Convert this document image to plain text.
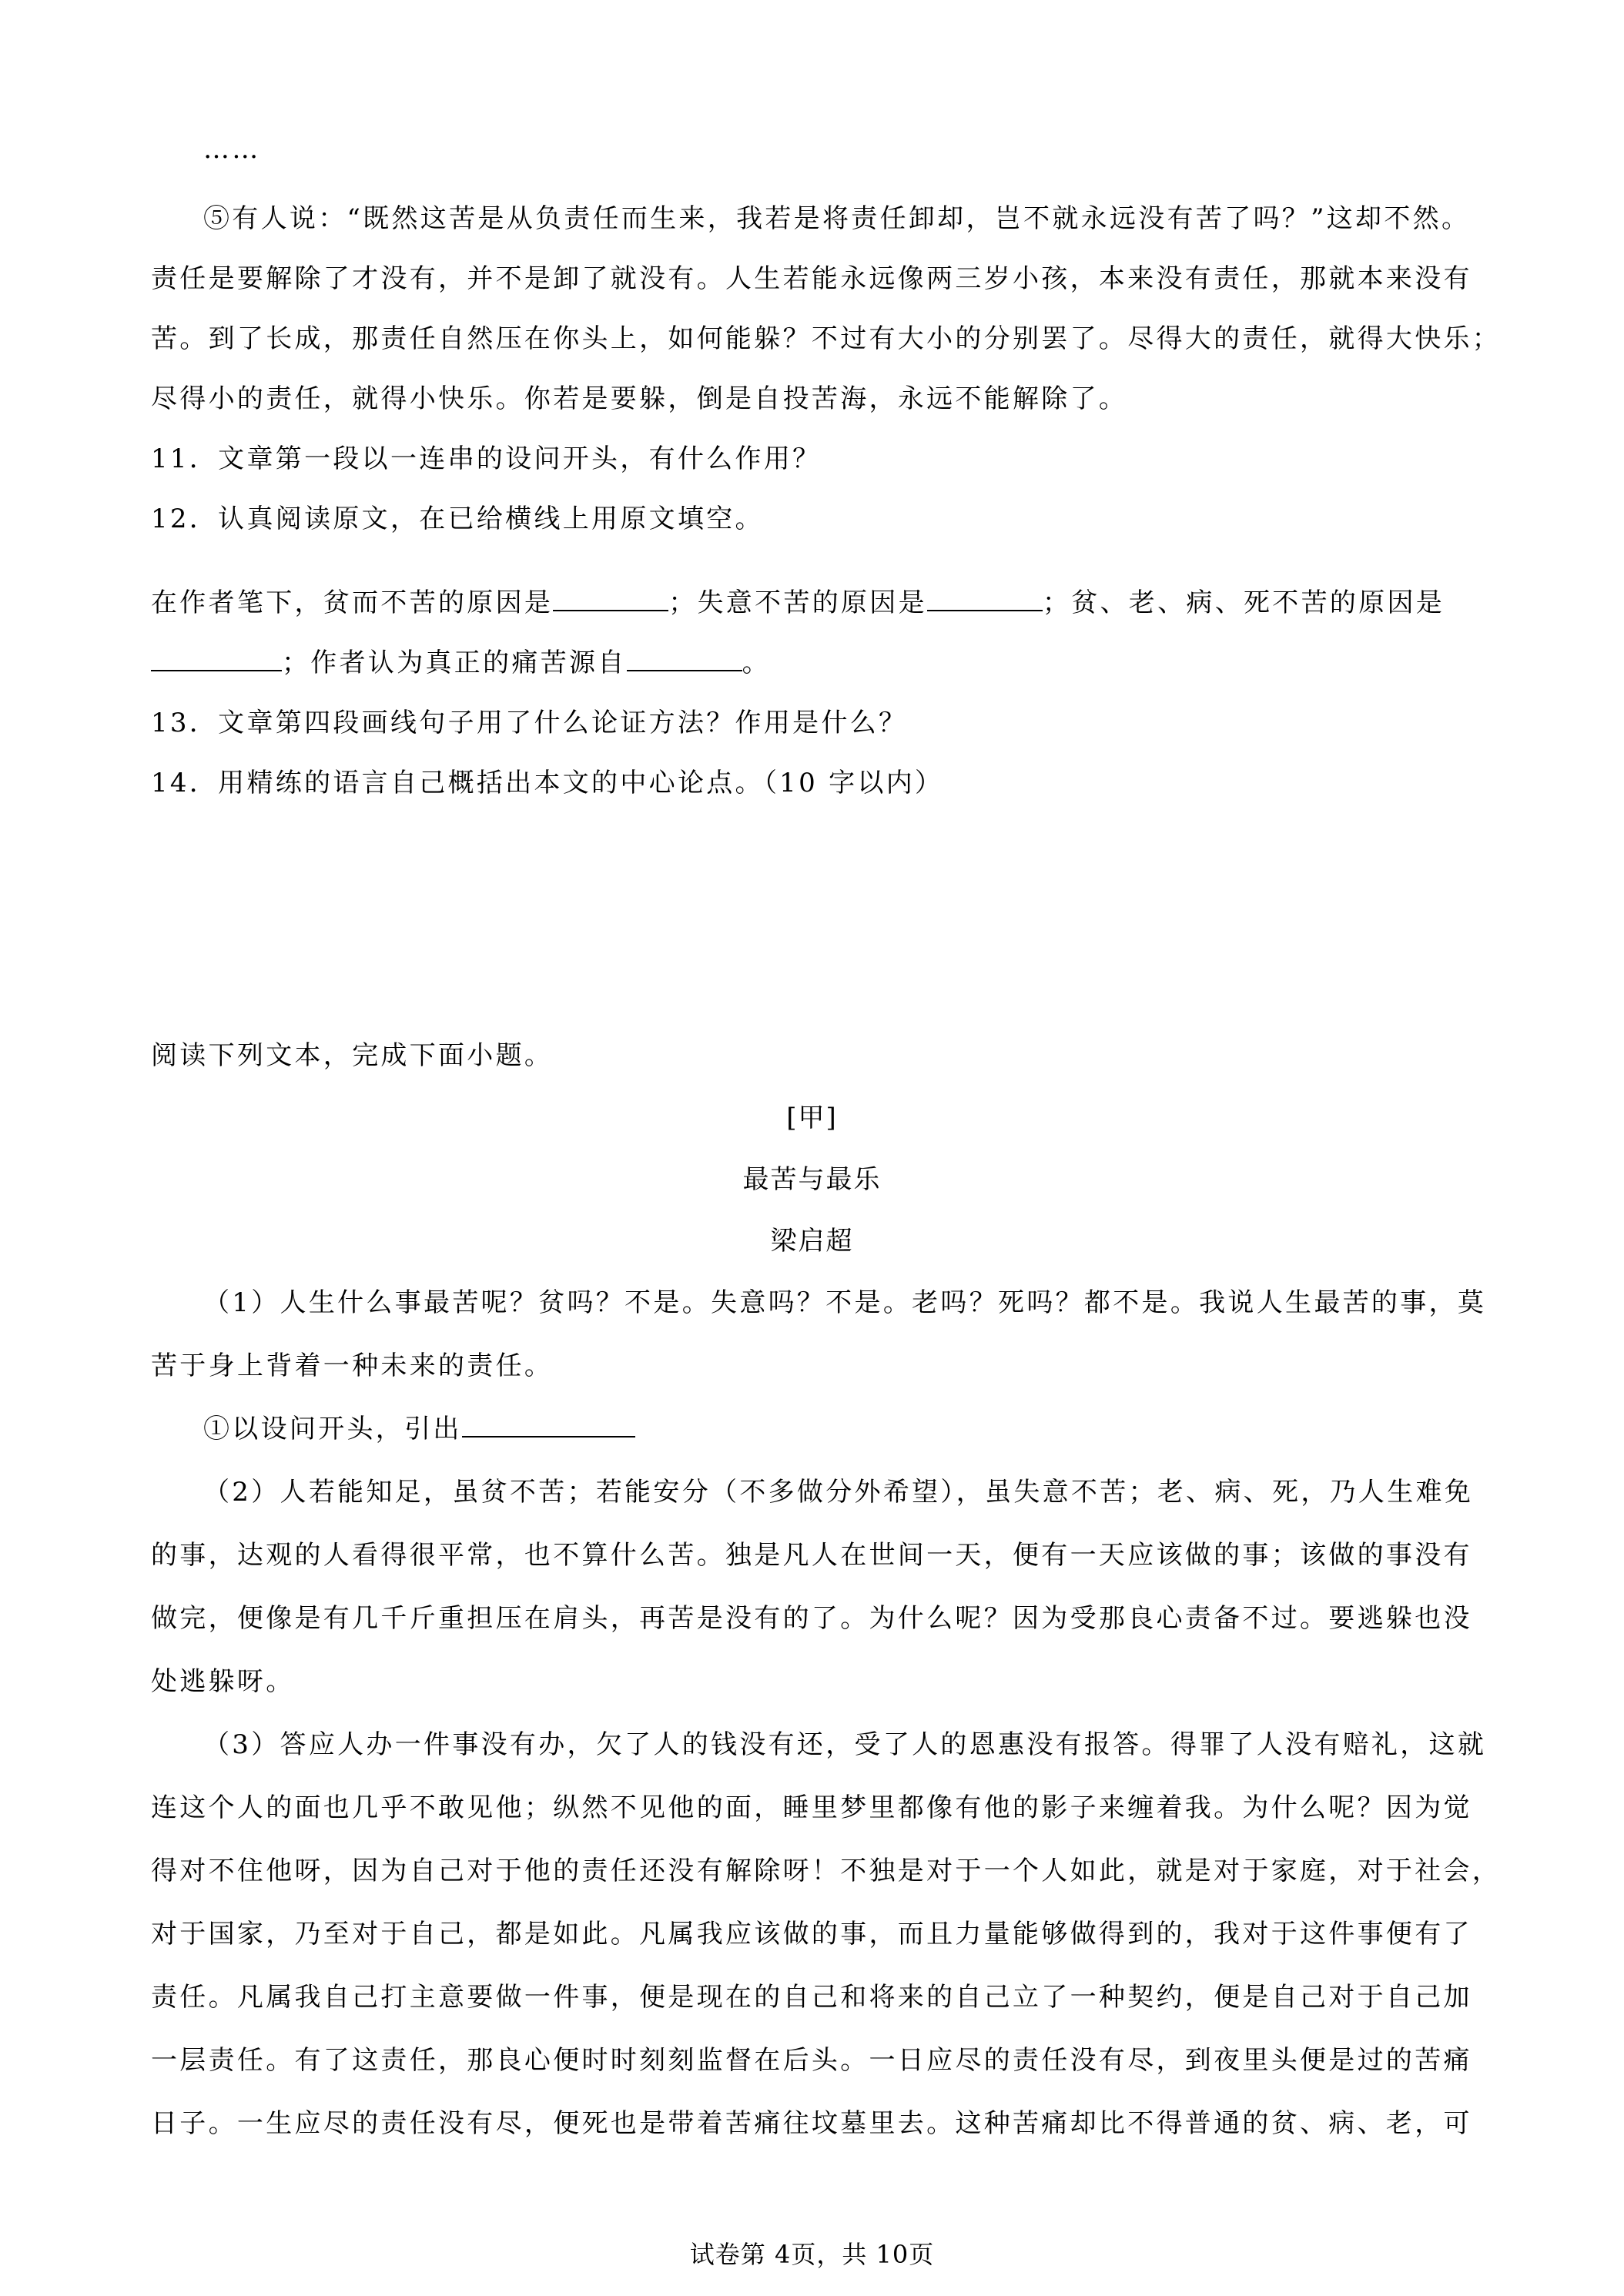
……
⑤有人说：“既然这苦是从负责任而生来，我若是将责任卸却，岂不就永远没有苦了吗？”这却不然。
责任是要解除了才没有，并不是卸了就没有。人生若能永远像两三岁小孩，本来没有责任，那就本来没有
苦。到了长成，那责任自然压在你头上，如何能躲？不过有大小的分别罢了。尽得大的责任，就得大快乐；
尽得小的责任，就得小快乐。你若是要躲，倒是自投苦海，永远不能解除了。
11．文章第一段以一连串的设问开头，有什么作用？
12．认真阅读原文，在已给横线上用原文填空。
在作者笔下，贫而不苦的原因是	；失意不苦的原因是	；贫、老、病、死不苦的原因是
；作者认为真正的痛苦源自	。
13．文章第四段画线句子用了什么论证方法？作用是什么？
14．用精练的语言自己概括出本文的中心论点。（10 字以内）
阅读下列文本，完成下面小题。
[甲]
最苦与最乐
梁启超
（1）人生什么事最苦呢？贫吗？不是。失意吗？不是。老吗？死吗？都不是。我说人生最苦的事，莫
苦于身上背着一种未来的责任。
①以设问开头，引出
（2）人若能知足，虽贫不苦；若能安分（不多做分外希望），虽失意不苦；老、病、死，乃人生难免
的事，达观的人看得很平常，也不算什么苦。独是凡人在世间一天，便有一天应该做的事；该做的事没有
做完，便像是有几千斤重担压在肩头，再苦是没有的了。为什么呢？因为受那良心责备不过。要逃躲也没
处逃躲呀。
（3）答应人办一件事没有办，欠了人的钱没有还，受了人的恩惠没有报答。得罪了人没有赔礼，这就
连这个人的面也几乎不敢见他；纵然不见他的面，睡里梦里都像有他的影子来缠着我。为什么呢？因为觉
得对不住他呀，因为自己对于他的责任还没有解除呀！不独是对于一个人如此，就是对于家庭，对于社会，
对于国家，乃至对于自己，都是如此。凡属我应该做的事，而且力量能够做得到的，我对于这件事便有了
责任。凡属我自己打主意要做一件事，便是现在的自己和将来的自己立了一种契约，便是自己对于自己加
一层责任。有了这责任，那良心便时时刻刻监督在后头。一日应尽的责任没有尽，到夜里头便是过的苦痛
日子。一生应尽的责任没有尽，便死也是带着苦痛往坟墓里去。这种苦痛却比不得普通的贫、病、老，可
试卷第 4页，共 10页
